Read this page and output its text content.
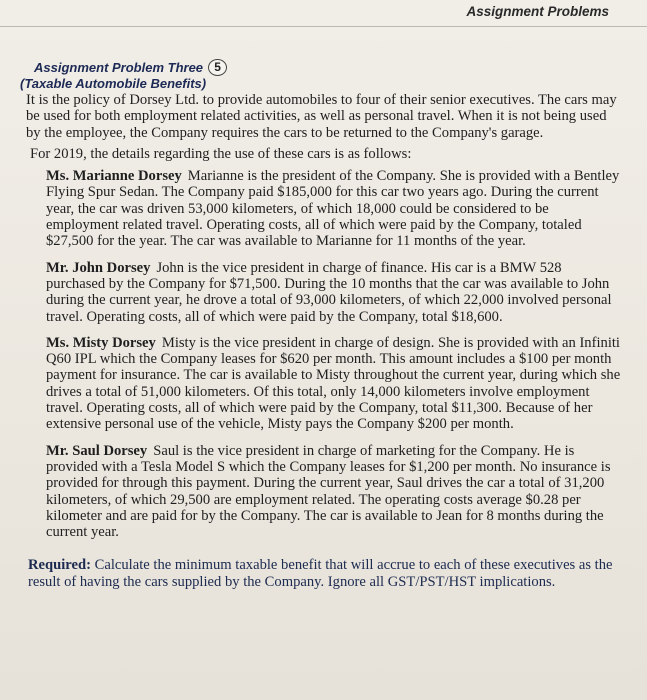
Assignment Problems
Assignment Problem Three 5
(Taxable Automobile Benefits)

It is the policy of Dorsey Ltd. to provide automobiles to four of their senior executives. The cars may be used for both employment related activities, as well as personal travel. When it is not being used by the employee, the Company requires the cars to be returned to the Company's garage.

For 2019, the details regarding the use of these cars is as follows:

Ms. Marianne Dorsey Marianne is the president of the Company. She is provided with a Bentley Flying Spur Sedan. The Company paid $185,000 for this car two years ago. During the current year, the car was driven 53,000 kilometers, of which 18,000 could be considered to be employment related travel. Operating costs, all of which were paid by the Company, totaled $27,500 for the year. The car was available to Marianne for 11 months of the year.

Mr. John Dorsey John is the vice president in charge of finance. His car is a BMW 528 purchased by the Company for $71,500. During the 10 months that the car was available to John during the current year, he drove a total of 93,000 kilometers, of which 22,000 involved personal travel. Operating costs, all of which were paid by the Company, total $18,600.

Ms. Misty Dorsey Misty is the vice president in charge of design. She is provided with an Infiniti Q60 IPL which the Company leases for $620 per month. This amount includes a $100 per month payment for insurance. The car is available to Misty throughout the current year, during which she drives a total of 51,000 kilometers. Of this total, only 14,000 kilometers involve employment travel. Operating costs, all of which were paid by the Company, total $11,300. Because of her extensive personal use of the vehicle, Misty pays the Company $200 per month.

Mr. Saul Dorsey Saul is the vice president in charge of marketing for the Company. He is provided with a Tesla Model S which the Company leases for $1,200 per month. No insurance is provided for through this payment. During the current year, Saul drives the car a total of 31,200 kilometers, of which 29,500 are employment related. The operating costs average $0.28 per kilometer and are paid for by the Company. The car is available to Jean for 8 months during the current year.

Required: Calculate the minimum taxable benefit that will accrue to each of these executives as the result of having the cars supplied by the Company. Ignore all GST/PST/HST implications.
